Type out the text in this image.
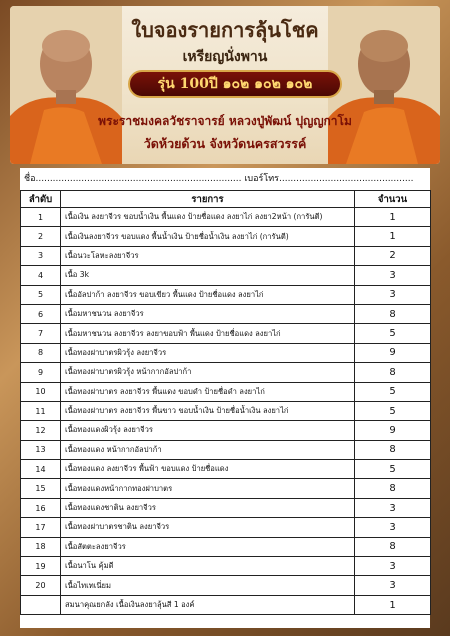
ใบจองรายการลุ้นโชค
เหรียญนั่งพาน
รุ่น 100ปี ๑๐๒ ๑๐๒ ๑๐๒
พระราชมงคลวัชราจารย์ หลวงปู่พัฒน์ ปุญญกาโม
วัดห้วยด้วน จังหวัดนครสวรรค์
ชื่อ........................................................................ เบอร์โทร...............................................
ลำดับ	รายการ	จำนวน
1	เนื้อเงิน ลงยาจีวร ขอบน้ำเงิน พื้นแดง ป้ายชื่อแดง ลงยาไก่ ลงยา2หน้า (การันตี)	1
2	เนื้อเงินลงยาจีวร ขอบแดง พื้นน้ำเงิน ป้ายชื่อน้ำเงิน ลงยาไก่ (การันตี)	1
3	เนื้อนวะโลหะลงยาจีวร	2
4	เนื้อ 3k	3
5	เนื้ออัลปาก้า ลงยาจีวร ขอบเขียว พื้นแดง ป้ายชื่อแดง ลงยาไก่	3
6	เนื้อมหาชนวน ลงยาจีวร	8
7	เนื้อมหาชนวน ลงยาจีวร ลงยาขอบฟ้า พื้นแดง ป้ายชื่อแดง ลงยาไก่	5
8	เนื้อทองฝาบาตรผิวรุ้ง ลงยาจีวร	9
9	เนื้อทองฝาบาตรผิวรุ้ง หน้ากากอัลปาก้า	8
10	เนื้อทองฝาบาตร ลงยาจีวร พื้นแดง ขอบดำ ป้ายชื่อดำ ลงยาไก่	5
11	เนื้อทองฝาบาตร ลงยาจีวร พื้นขาว ขอบน้ำเงิน ป้ายชื่อน้ำเงิน ลงยาไก่	5
12	เนื้อทองแดงผิวรุ้ง ลงยาจีวร	9
13	เนื้อทองแดง หน้ากากอัลปาก้า	8
14	เนื้อทองแดง ลงยาจีวร พื้นฟ้า ขอบแดง ป้ายชื่อแดง	5
15	เนื้อทองแดงหน้ากากทองฝาบาตร	8
16	เนื้อทองแดงชาติน ลงยาจีวร	3
17	เนื้อทองฝาบาตรชาติน ลงยาจีวร	3
18	เนื้อสัตตะลงยาจีวร	8
19	เนื้อนาโน คุ้มดี	3
20	เนื้อไทเทเนี่ยม	3
	สมนาคุณยกลัง เนื้อเงินลงยาลุ้นสี 1 องค์	1
